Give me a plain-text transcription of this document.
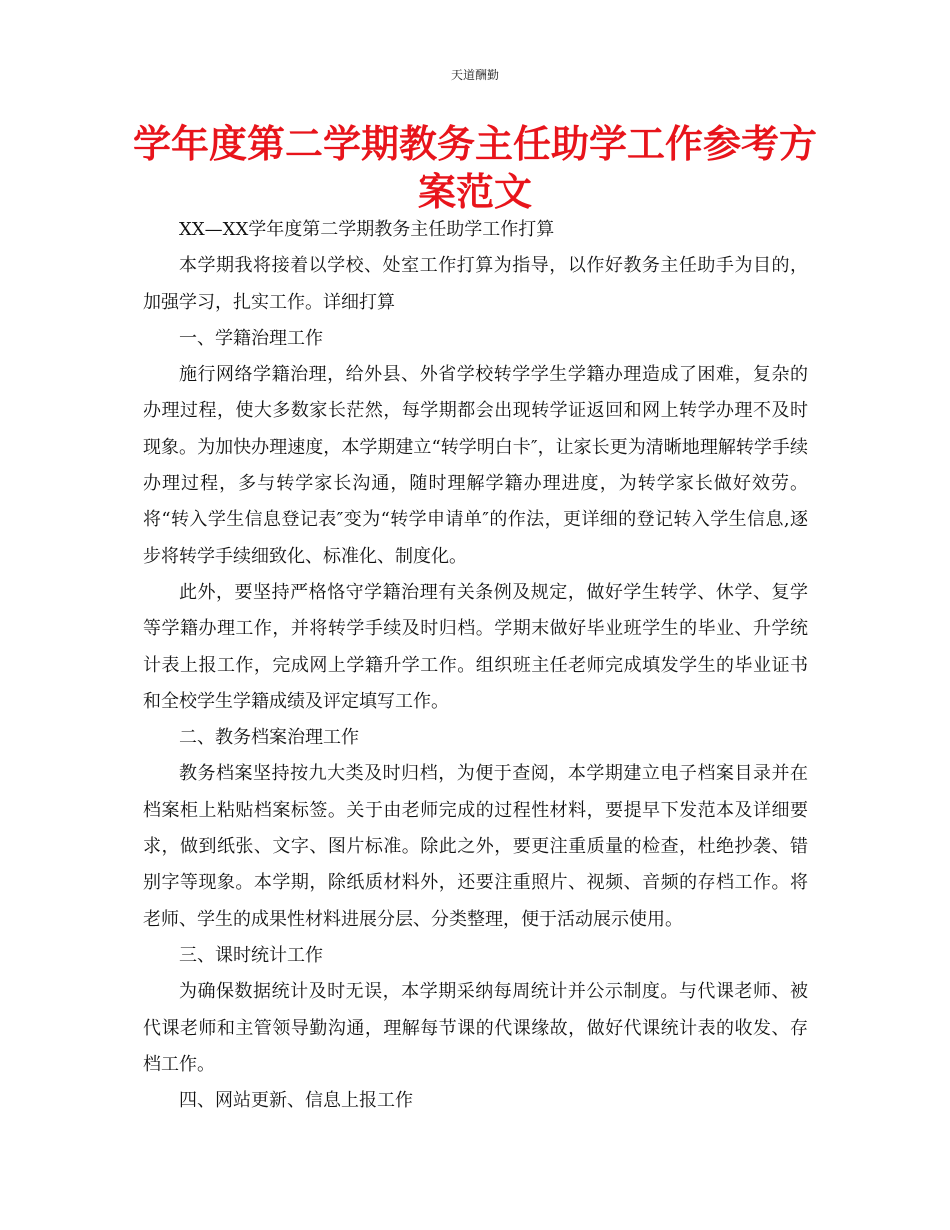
天道酬勤
学年度第二学期教务主任助学工作参考方案范文

XX—XX学年度第二学期教务主任助学工作打算

本学期我将接着以学校、处室工作打算为指导，以作好教务主任助手为目的，加强学习，扎实工作。详细打算

一、学籍治理工作

施行网络学籍治理，给外县、外省学校转学学生学籍办理造成了困难，复杂的办理过程，使大多数家长茫然，每学期都会出现转学证返回和网上转学办理不及时现象。为加快办理速度，本学期建立“转学明白卡″，让家长更为清晰地理解转学手续办理过程，多与转学家长沟通，随时理解学籍办理进度，为转学家长做好效劳。将“转入学生信息登记表″变为“转学申请单″的作法，更详细的登记转入学生信息,逐步将转学手续细致化、标准化、制度化。

此外，要坚持严格恪守学籍治理有关条例及规定，做好学生转学、休学、复学等学籍办理工作，并将转学手续及时归档。学期末做好毕业班学生的毕业、升学统计表上报工作，完成网上学籍升学工作。组织班主任老师完成填发学生的毕业证书和全校学生学籍成绩及评定填写工作。

二、教务档案治理工作

教务档案坚持按九大类及时归档，为便于查阅，本学期建立电子档案目录并在档案柜上粘贴档案标签。关于由老师完成的过程性材料，要提早下发范本及详细要求，做到纸张、文字、图片标准。除此之外，要更注重质量的检查，杜绝抄袭、错别字等现象。本学期，除纸质材料外，还要注重照片、视频、音频的存档工作。将老师、学生的成果性材料进展分层、分类整理，便于活动展示使用。

三、课时统计工作

为确保数据统计及时无误，本学期采纳每周统计并公示制度。与代课老师、被代课老师和主管领导勤沟通，理解每节课的代课缘故，做好代课统计表的收发、存档工作。

四、网站更新、信息上报工作
